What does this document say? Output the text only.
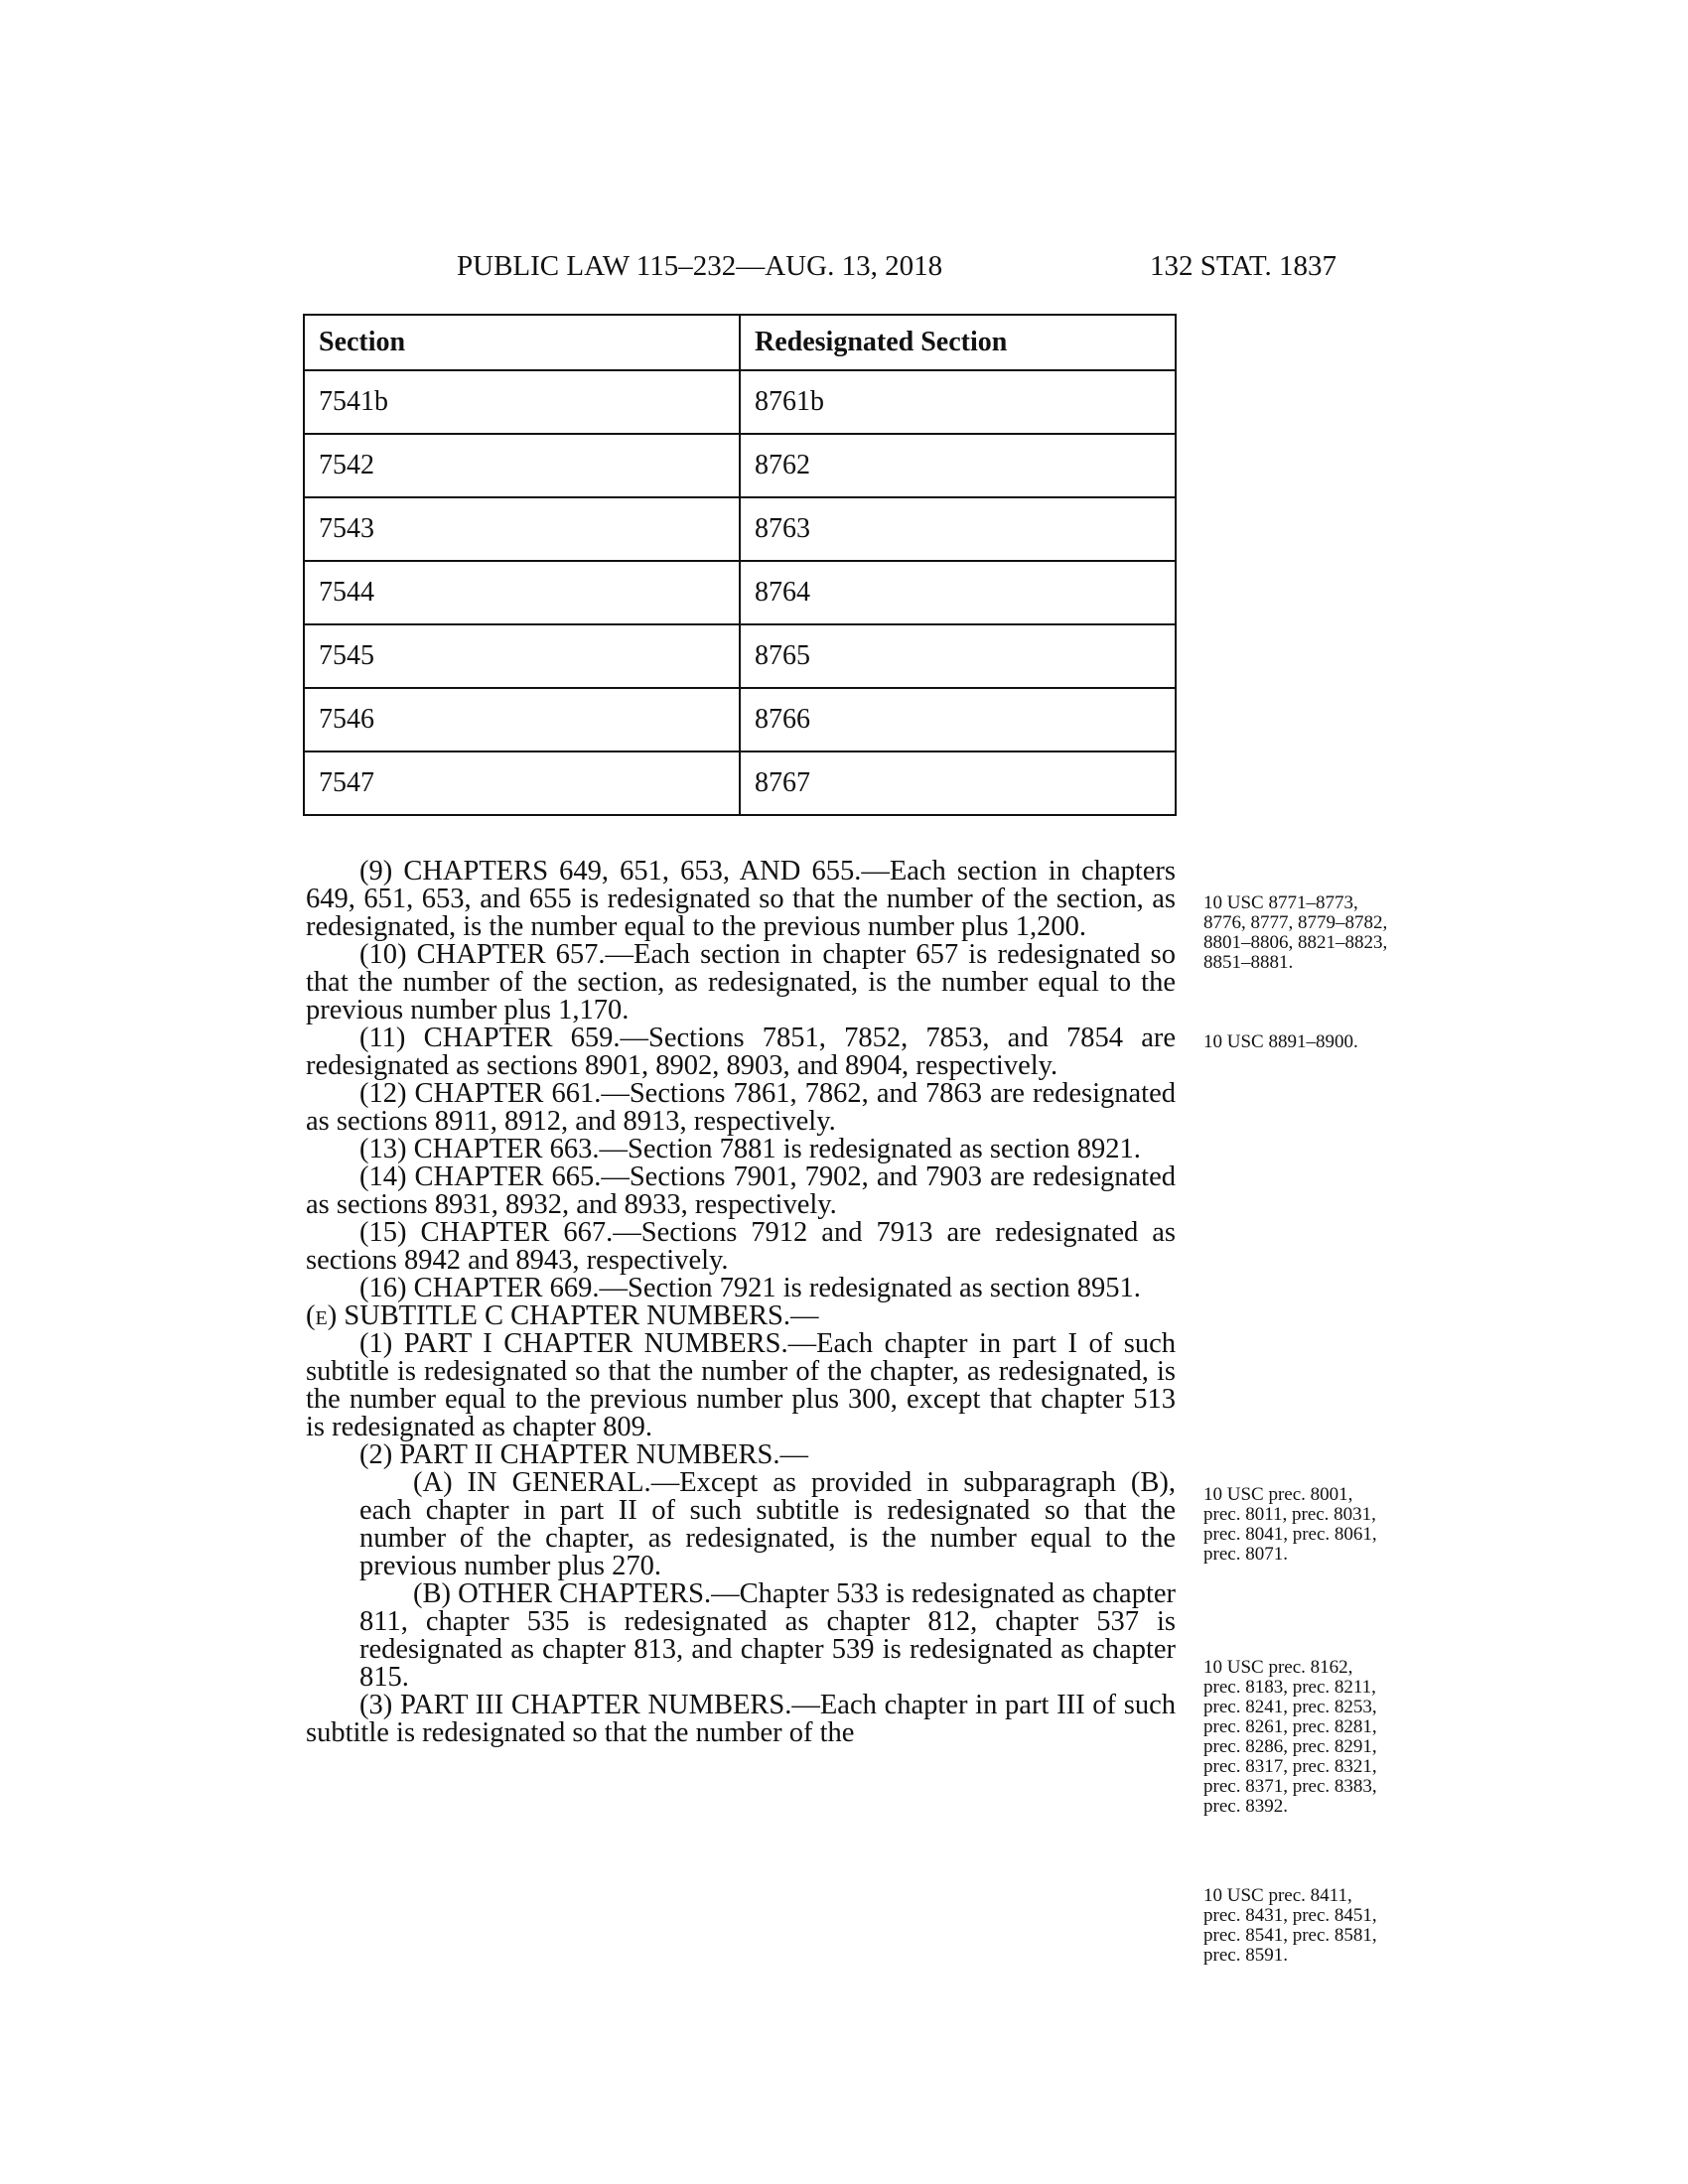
PUBLIC LAW 115–232—AUG. 13, 2018	132 STAT. 1837
Section	Redesignated Section
7541b	8761b
7542	8762
7543	8763
7544	8764
7545	8765
7546	8766
7547	8767

(9) CHAPTERS 649, 651, 653, AND 655.—Each section in chapters 649, 651, 653, and 655 is redesignated so that the number of the section, as redesignated, is the number equal to the previous number plus 1,200.

(10) CHAPTER 657.—Each section in chapter 657 is redesignated so that the number of the section, as redesignated, is the number equal to the previous number plus 1,170.

(11) CHAPTER 659.—Sections 7851, 7852, 7853, and 7854 are redesignated as sections 8901, 8902, 8903, and 8904, respectively.

(12) CHAPTER 661.—Sections 7861, 7862, and 7863 are redesignated as sections 8911, 8912, and 8913, respectively.

(13) CHAPTER 663.—Section 7881 is redesignated as section 8921.

(14) CHAPTER 665.—Sections 7901, 7902, and 7903 are redesignated as sections 8931, 8932, and 8933, respectively.

(15) CHAPTER 667.—Sections 7912 and 7913 are redesignated as sections 8942 and 8943, respectively.

(16) CHAPTER 669.—Section 7921 is redesignated as section 8951.

(e) SUBTITLE C CHAPTER NUMBERS.—

(1) PART I CHAPTER NUMBERS.—Each chapter in part I of such subtitle is redesignated so that the number of the chapter, as redesignated, is the number equal to the previous number plus 300, except that chapter 513 is redesignated as chapter 809.

(2) PART II CHAPTER NUMBERS.—

(A) IN GENERAL.—Except as provided in subparagraph (B), each chapter in part II of such subtitle is redesignated so that the number of the chapter, as redesignated, is the number equal to the previous number plus 270.

(B) OTHER CHAPTERS.—Chapter 533 is redesignated as chapter 811, chapter 535 is redesignated as chapter 812, chapter 537 is redesignated as chapter 813, and chapter 539 is redesignated as chapter 815.

(3) PART III CHAPTER NUMBERS.—Each chapter in part III of such subtitle is redesignated so that the number of the

10 USC 8771–8773, 8776, 8777, 8779–8782, 8801–8806, 8821–8823, 8851–8881.
10 USC 8891–8900.
10 USC prec. 8001, prec. 8011, prec. 8031, prec. 8041, prec. 8061, prec. 8071.
10 USC prec. 8162, prec. 8183, prec. 8211, prec. 8241, prec. 8253, prec. 8261, prec. 8281, prec. 8286, prec. 8291, prec. 8317, prec. 8321, prec. 8371, prec. 8383, prec. 8392.
10 USC prec. 8411, prec. 8431, prec. 8451, prec. 8541, prec. 8581, prec. 8591.
